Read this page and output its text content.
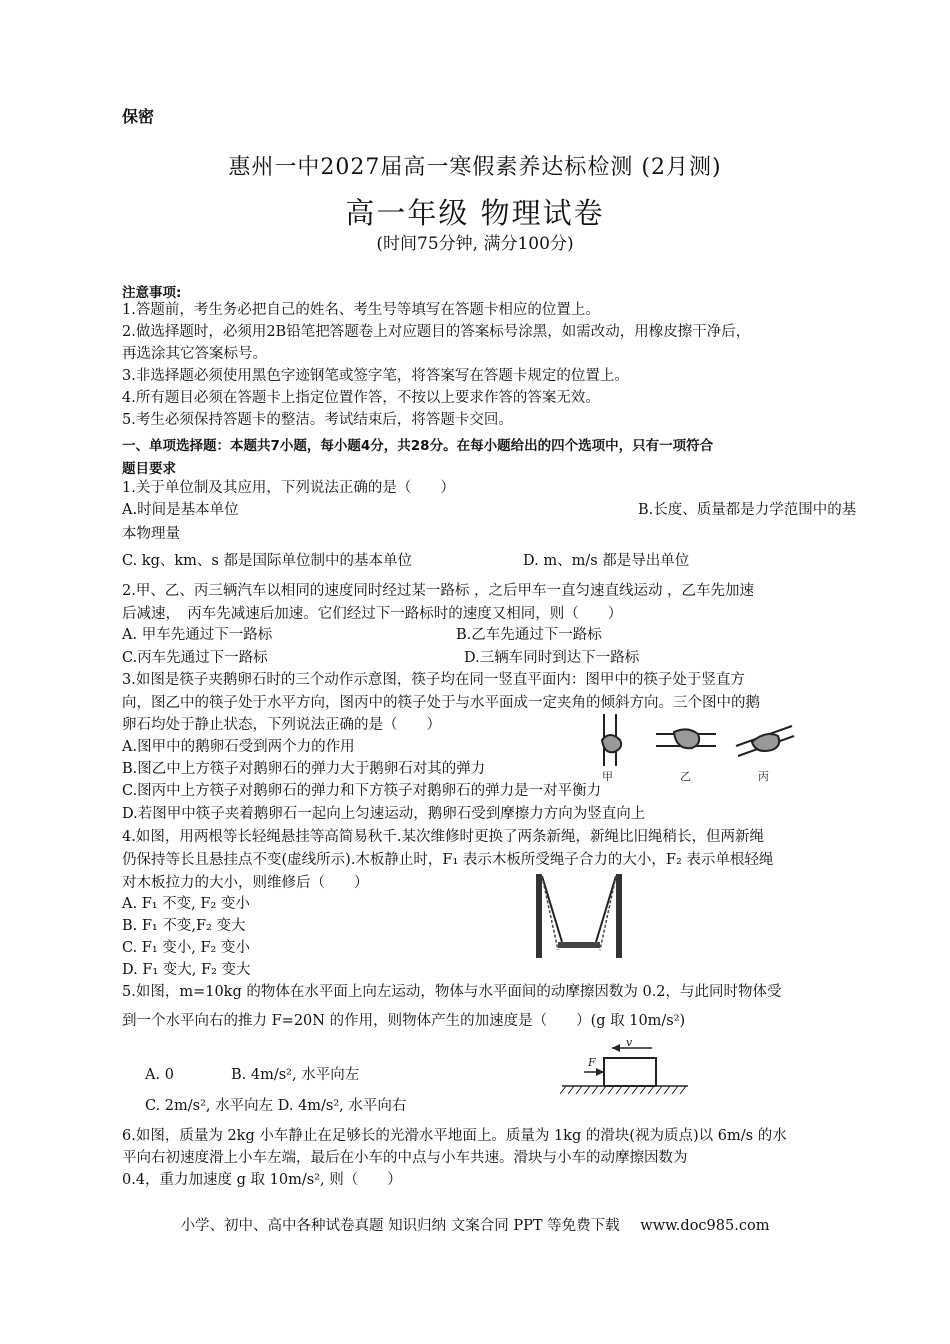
保密
惠州一中2027届高一寒假素养达标检测 (2月测)
高一年级 物理试卷
(时间75分钟, 满分100分)
注意事项:
1.答题前，考生务必把自己的姓名、考生号等填写在答题卡相应的位置上。
2.做选择题时，必须用2B铅笔把答题卷上对应题目的答案标号涂黑，如需改动，用橡皮擦干净后，
再选涂其它答案标号。
3.非选择题必须使用黑色字迹钢笔或签字笔，将答案写在答题卡规定的位置上。
4.所有题目必须在答题卡上指定位置作答，不按以上要求作答的答案无效。
5.考生必须保持答题卡的整洁。考试结束后，将答题卡交回。
一、单项选择题：本题共7小题，每小题4分，共28分。在每小题给出的四个选项中，只有一项符合
题目要求
1.关于单位制及其应用，下列说法正确的是（　　）
A.时间是基本单位	B.长度、质量都是力学范围中的基
本物理量
C. kg、km、s 都是国际单位制中的基本单位	D. m、m/s 都是导出单位
2.甲、乙、丙三辆汽车以相同的速度同时经过某一路标 ，之后甲车一直匀速直线运动 ，乙车先加速
后减速，　丙车先减速后加速。它们经过下一路标时的速度又相同，则（　　）
A. 甲车先通过下一路标	B.乙车先通过下一路标
C.丙车先通过下一路标	D.三辆车同时到达下一路标
3.如图是筷子夹鹅卵石时的三个动作示意图，筷子均在同一竖直平面内：图甲中的筷子处于竖直方
向，图乙中的筷子处于水平方向，图丙中的筷子处于与水平面成一定夹角的倾斜方向。三个图中的鹅
卵石均处于静止状态，下列说法正确的是（　　）
A.图甲中的鹅卵石受到两个力的作用
B.图乙中上方筷子对鹅卵石的弹力大于鹅卵石对其的弹力
C.图丙中上方筷子对鹅卵石的弹力和下方筷子对鹅卵石的弹力是一对平衡力
D.若图甲中筷子夹着鹅卵石一起向上匀速运动，鹅卵石受到摩擦力方向为竖直向上
甲	乙	丙
4.如图，用两根等长轻绳悬挂等高简易秋千.某次维修时更换了两条新绳，新绳比旧绳稍长，但两新绳
仍保持等长且悬挂点不变(虚线所示).木板静止时，F₁ 表示木板所受绳子合力的大小，F₂ 表示单根轻绳
对木板拉力的大小，则维修后（　　）
A. F₁ 不变, F₂ 变小
B. F₁ 不变,F₂ 变大
C. F₁ 变小, F₂ 变小
D. F₁ 变大, F₂ 变大
5.如图，m=10kg 的物体在水平面上向左运动，物体与水平面间的动摩擦因数为 0.2，与此同时物体受
到一个水平向右的推力 F=20N 的作用，则物体产生的加速度是（　　）(g 取 10m/s²)
A. 0	B. 4m/s², 水平向左
C. 2m/s², 水平向左 D. 4m/s², 水平向右
v
F
6.如图，质量为 2kg 小车静止在足够长的光滑水平地面上。质量为 1kg 的滑块(视为质点)以 6m/s 的水
平向右初速度滑上小车左端，最后在小车的中点与小车共速。滑块与小车的动摩擦因数为
0.4，重力加速度 g 取 10m/s², 则（　　）
小学、初中、高中各种试卷真题 知识归纳 文案合同 PPT 等免费下载 www.doc985.com
